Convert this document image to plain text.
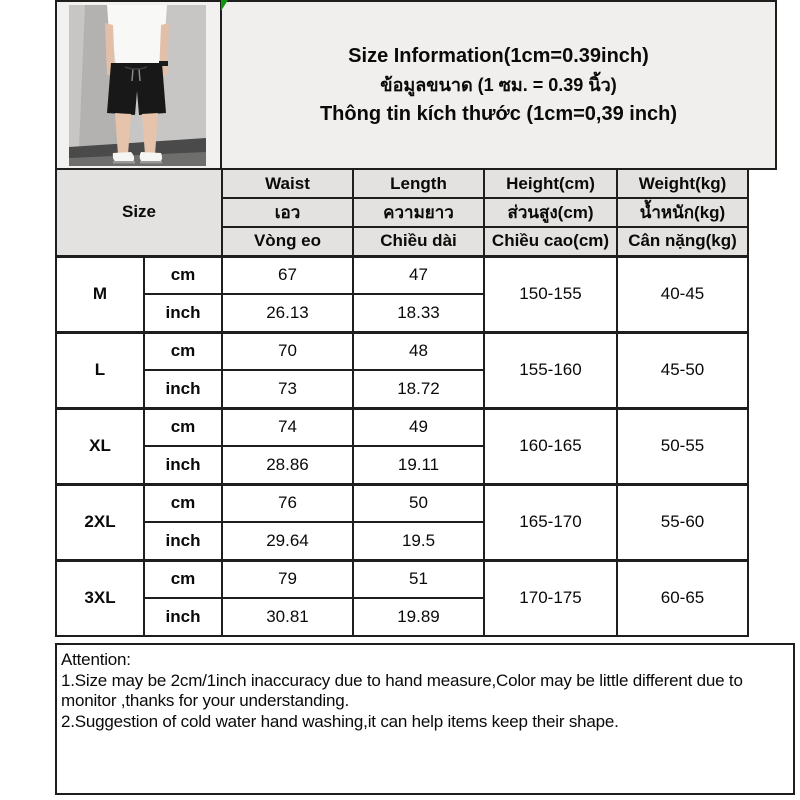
Size Information(1cm=0.39inch)
ข้อมูลขนาด (1 ซม. = 0.39 นิ้ว)
Thông tin kích thước (1cm=0,39 inch)
Size		Waist	Length	Height(cm)	Weight(kg)
		เอว	ความยาว	ส่วนสูง(cm)	น้ำหนัก(kg)
		Vòng eo	Chiều dài	Chiều cao(cm)	Cân nặng(kg)
M	cm	67	47	150-155	40-45
	inch	26.13	18.33		
L	cm	70	48	155-160	45-50
	inch	73	18.72		
XL	cm	74	49	160-165	50-55
	inch	28.86	19.11		
2XL	cm	76	50	165-170	55-60
	inch	29.64	19.5		
3XL	cm	79	51	170-175	60-65
	inch	30.81	19.89		
Attention:
1.Size may be 2cm/1inch inaccuracy due to hand measure,Color may be little different due to monitor ,thanks for your understanding.
2.Suggestion of cold water hand washing,it can help items keep their shape.
